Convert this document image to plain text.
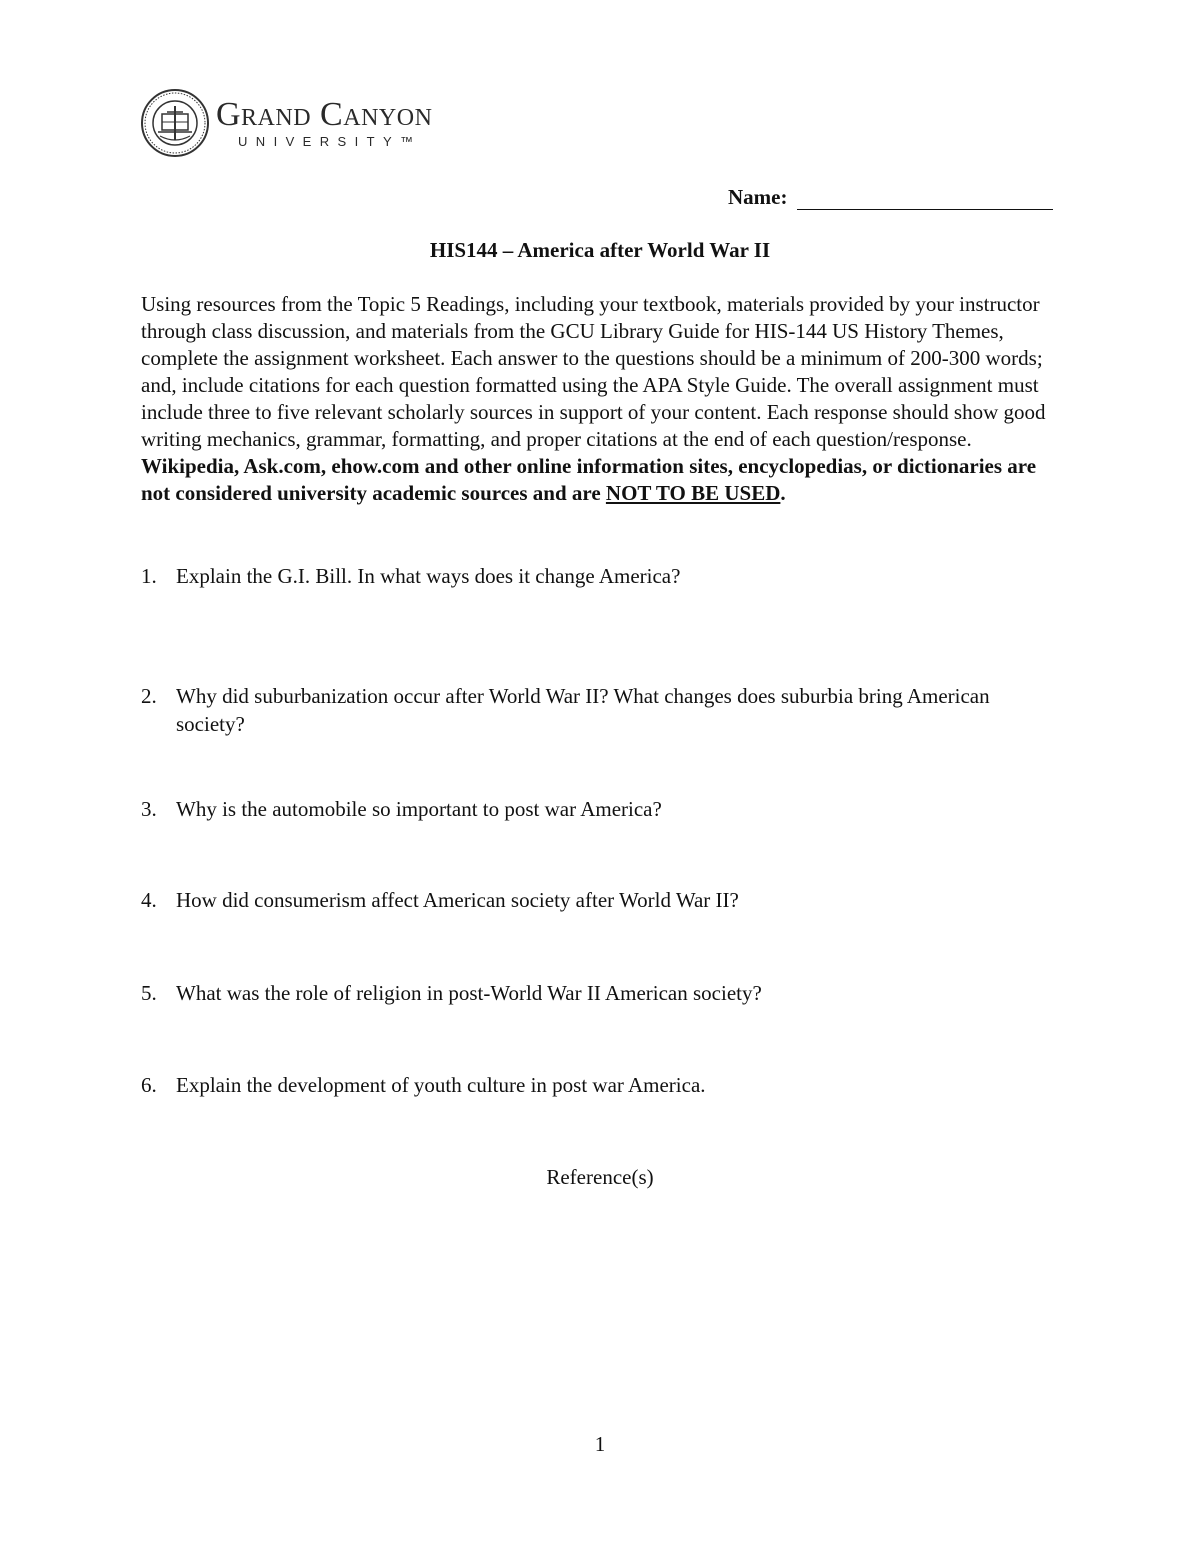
Grand Canyon
UNIVERSITY™
Name:
HIS144 – America after World War II

Using resources from the Topic 5 Readings, including your textbook, materials provided by your instructor through class discussion, and materials from the GCU Library Guide for HIS-144 US History Themes, complete the assignment worksheet. Each answer to the questions should be a minimum of 200-300 words; and, include citations for each question formatted using the APA Style Guide. The overall assignment must include three to five relevant scholarly sources in support of your content. Each response should show good writing mechanics, grammar, formatting, and proper citations at the end of each question/response. Wikipedia, Ask.com, ehow.com and other online information sites, encyclopedias, or dictionaries are not considered university academic sources and are NOT TO BE USED.

1. Explain the G.I. Bill. In what ways does it change America?
2. Why did suburbanization occur after World War II? What changes does suburbia bring American society?
3. Why is the automobile so important to post war America?
4. How did consumerism affect American society after World War II?
5. What was the role of religion in post-World War II American society?
6. Explain the development of youth culture in post war America.
Reference(s)
1
